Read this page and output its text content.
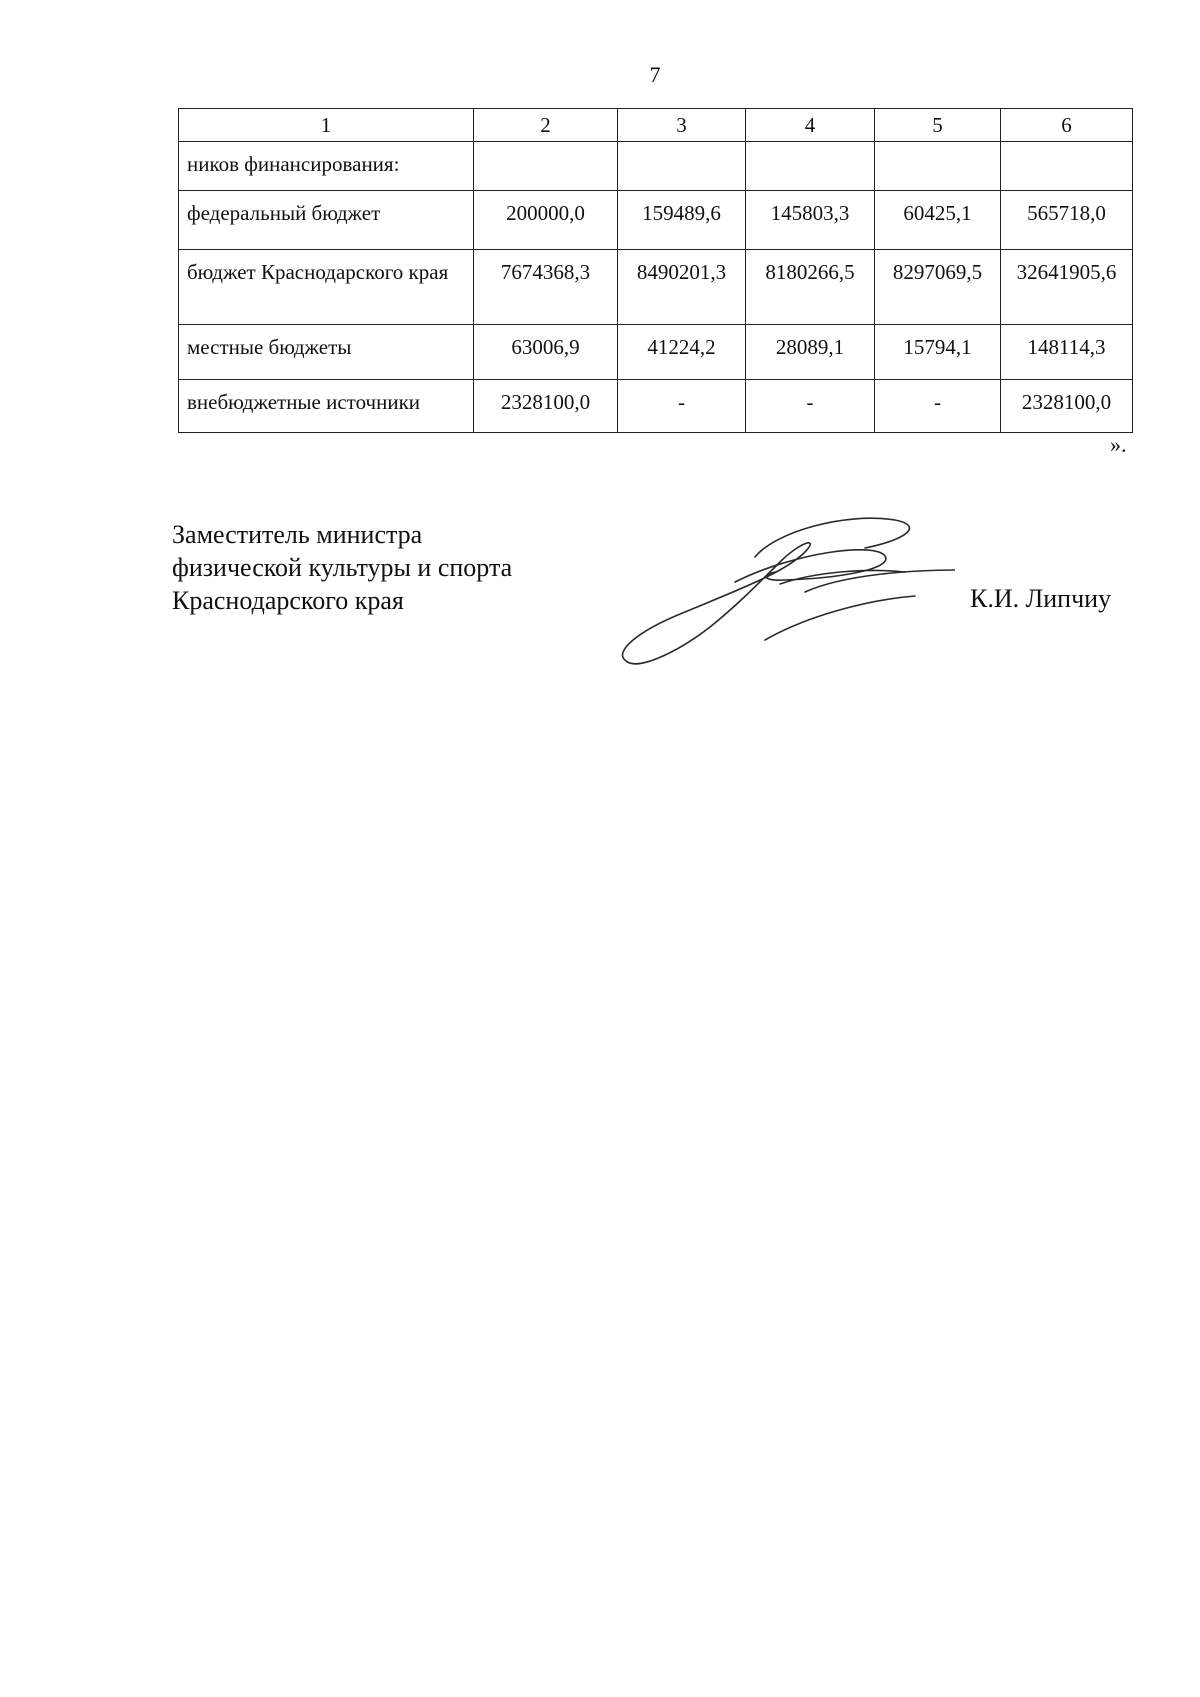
7
1	2	3	4	5	6
ников финансирования:					
федеральный бюджет	200000,0	159489,6	145803,3	60425,1	565718,0
бюджет Краснодарского края	7674368,3	8490201,3	8180266,5	8297069,5	32641905,6
местные бюджеты	63006,9	41224,2	28089,1	15794,1	148114,3
внебюджетные источники	2328100,0	-	-	-	2328100,0
».
Заместитель министра
физической культуры и спорта
Краснодарского края	К.И. Липчиу
